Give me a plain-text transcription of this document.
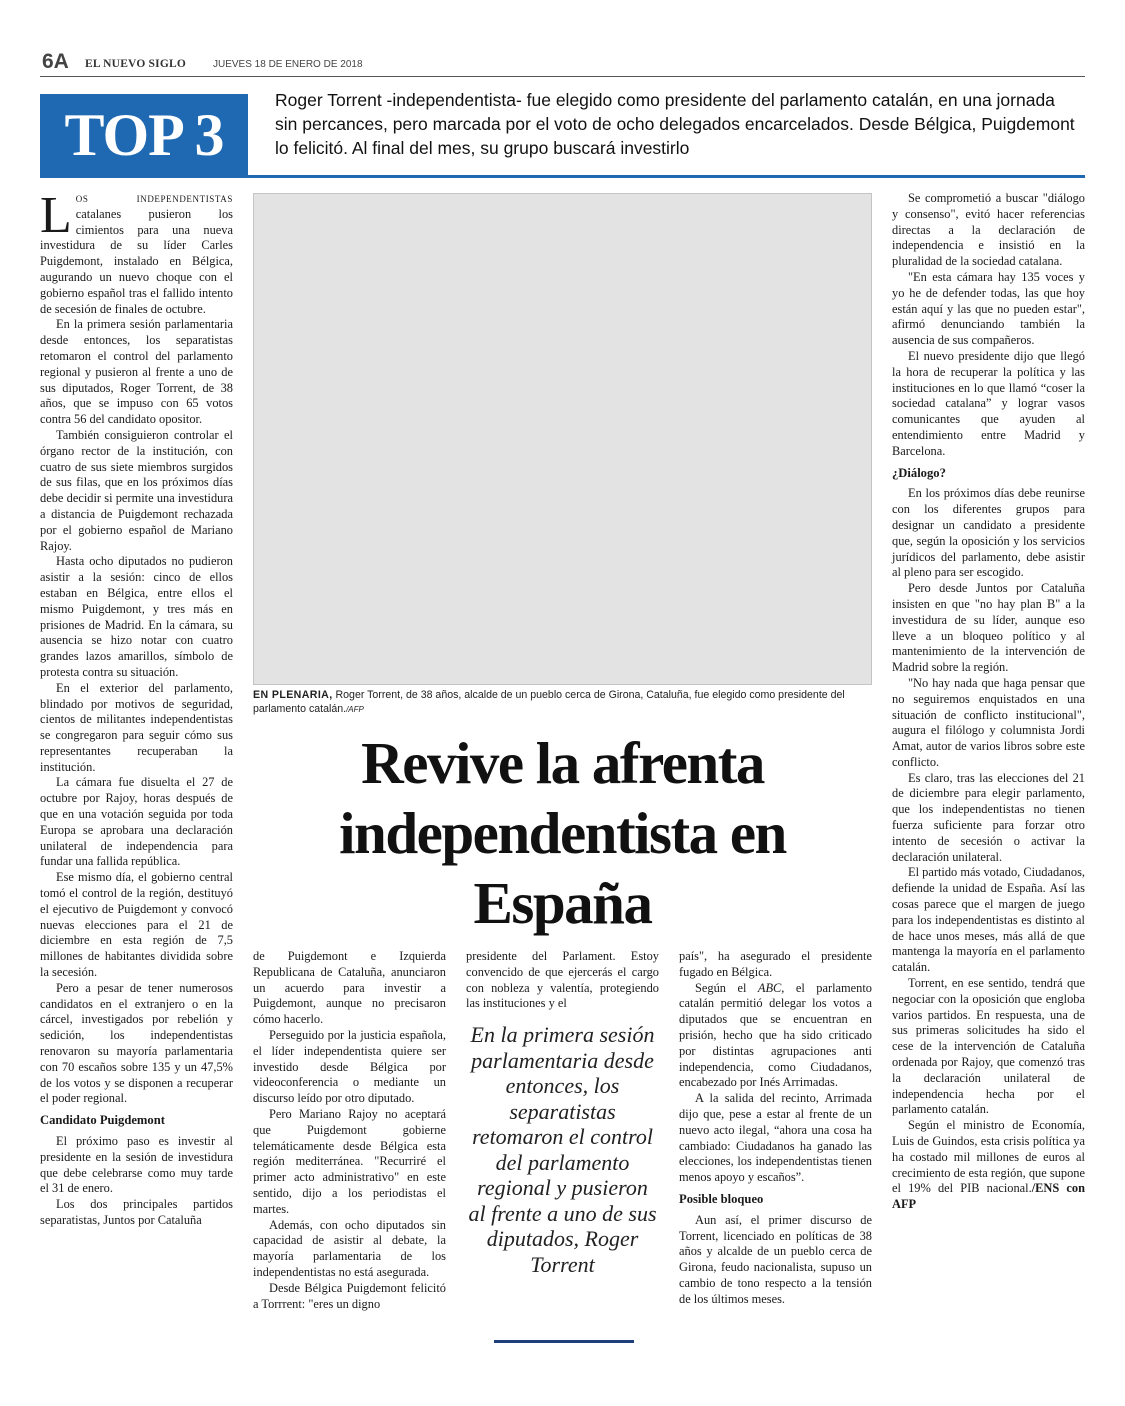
6A EL NUEVO SIGLO	JUEVES 18 DE ENERO DE 2018
TOP 3
Roger Torrent -independentista- fue elegido como presidente del parlamento catalán, en una jornada sin percances, pero marcada por el voto de ocho delegados encarcelados. Desde Bélgica, Puigdemont lo felicitó. Al final del mes, su grupo buscará investirlo

Los independentistas catalanes pusieron los cimientos para una nueva investidura de su líder Carles Puigdemont, instalado en Bélgica, augurando un nuevo choque con el gobierno español tras el fallido intento de secesión de finales de octubre.

En la primera sesión parlamentaria desde entonces, los separatistas retomaron el control del parlamento regional y pusieron al frente a uno de sus diputados, Roger Torrent, de 38 años, que se impuso con 65 votos contra 56 del candidato opositor.

También consiguieron controlar el órgano rector de la institución, con cuatro de sus siete miembros surgidos de sus filas, que en los próximos días debe decidir si permite una investidura a distancia de Puigdemont rechazada por el gobierno español de Mariano Rajoy.

Hasta ocho diputados no pudieron asistir a la sesión: cinco de ellos estaban en Bélgica, entre ellos el mismo Puigdemont, y tres más en prisiones de Madrid. En la cámara, su ausencia se hizo notar con cuatro grandes lazos amarillos, símbolo de protesta contra su situación.

En el exterior del parlamento, blindado por motivos de seguridad, cientos de militantes independentistas se congregaron para seguir cómo sus representantes recuperaban la institución.

La cámara fue disuelta el 27 de octubre por Rajoy, horas después de que en una votación seguida por toda Europa se aprobara una declaración unilateral de independencia para fundar una fallida república.

Ese mismo día, el gobierno central tomó el control de la región, destituyó el ejecutivo de Puigdemont y convocó nuevas elecciones para el 21 de diciembre en esta región de 7,5 millones de habitantes dividida sobre la secesión.

Pero a pesar de tener numerosos candidatos en el extranjero o en la cárcel, investigados por rebelión y sedición, los independentistas renovaron su mayoría parlamentaria con 70 escaños sobre 135 y un 47,5% de los votos y se disponen a recuperar el poder regional.

Candidato Puigdemont

El próximo paso es investir al presidente en la sesión de investidura que debe celebrarse como muy tarde el 31 de enero.

Los dos principales partidos separatistas, Juntos por Cataluña

EN PLENARIA, Roger Torrent, de 38 años, alcalde de un pueblo cerca de Girona, Cataluña, fue elegido como presidente del parlamento catalán./AFP
Revive la afrenta independentista en España

de Puigdemont e Izquierda Republicana de Cataluña, anunciaron un acuerdo para investir a Puigdemont, aunque no precisaron cómo hacerlo.

Perseguido por la justicia española, el líder independentista quiere ser investido desde Bélgica por videoconferencia o mediante un discurso leído por otro diputado.

Pero Mariano Rajoy no aceptará que Puigdemont gobierne telemáticamente desde Bélgica esta región mediterránea. "Recurriré el primer acto administrativo" en este sentido, dijo a los periodistas el martes.

Además, con ocho diputados sin capacidad de asistir al debate, la mayoría parlamentaria de los independentistas no está asegurada.

Desde Bélgica Puigdemont felicitó a Torrrent: "eres un digno

presidente del Parlament. Estoy convencido de que ejercerás el cargo con nobleza y valentía, protegiendo las instituciones y el

En la primera sesión parlamentaria desde entonces, los separatistas retomaron el control del parlamento regional y pusieron al frente a uno de sus diputados, Roger Torrent

país", ha asegurado el presidente fugado en Bélgica.

Según el ABC, el parlamento catalán permitió delegar los votos a diputados que se encuentran en prisión, hecho que ha sido criticado por distintas agrupaciones anti independencia, como Ciudadanos, encabezado por Inés Arrimadas.

A la salida del recinto, Arrimada dijo que, pese a estar al frente de un nuevo acto ilegal, “ahora una cosa ha cambiado: Ciudadanos ha ganado las elecciones, los independentistas tienen menos apoyo y escaños”.

Posible bloqueo

Aun así, el primer discurso de Torrent, licenciado en políticas de 38 años y alcalde de un pueblo cerca de Girona, feudo nacionalista, supuso un cambio de tono respecto a la tensión de los últimos meses.

Se comprometió a buscar "diálogo y consenso", evitó hacer referencias directas a la declaración de independencia e insistió en la pluralidad de la sociedad catalana.

"En esta cámara hay 135 voces y yo he de defender todas, las que hoy están aquí y las que no pueden estar", afirmó denunciando también la ausencia de sus compañeros.

El nuevo presidente dijo que llegó la hora de recuperar la política y las instituciones en lo que llamó “coser la sociedad catalana” y lograr vasos comunicantes que ayuden al entendimiento entre Madrid y Barcelona.

¿Diálogo?

En los próximos días debe reunirse con los diferentes grupos para designar un candidato a presidente que, según la oposición y los servicios jurídicos del parlamento, debe asistir al pleno para ser escogido.

Pero desde Juntos por Cataluña insisten en que "no hay plan B" a la investidura de su líder, aunque eso lleve a un bloqueo político y al mantenimiento de la intervención de Madrid sobre la región.

"No hay nada que haga pensar que no seguiremos enquistados en una situación de conflicto institucional", augura el filólogo y columnista Jordi Amat, autor de varios libros sobre este conflicto.

Es claro, tras las elecciones del 21 de diciembre para elegir parlamento, que los independentistas no tienen fuerza suficiente para forzar otro intento de secesión o activar la declaración unilateral.

El partido más votado, Ciudadanos, defiende la unidad de España. Así las cosas parece que el margen de juego para los independentistas es distinto al de hace unos meses, más allá de que mantenga la mayoría en el parlamento catalán.

Torrent, en ese sentido, tendrá que negociar con la oposición que engloba varios partidos. En respuesta, una de sus primeras solicitudes ha sido el cese de la intervención de Cataluña ordenada por Rajoy, que comenzó tras la declaración unilateral de independencia hecha por el parlamento catalán.

Según el ministro de Economía, Luis de Guindos, esta crisis política ya ha costado mil millones de euros al crecimiento de esta región, que supone el 19% del PIB nacional./ENS con AFP
